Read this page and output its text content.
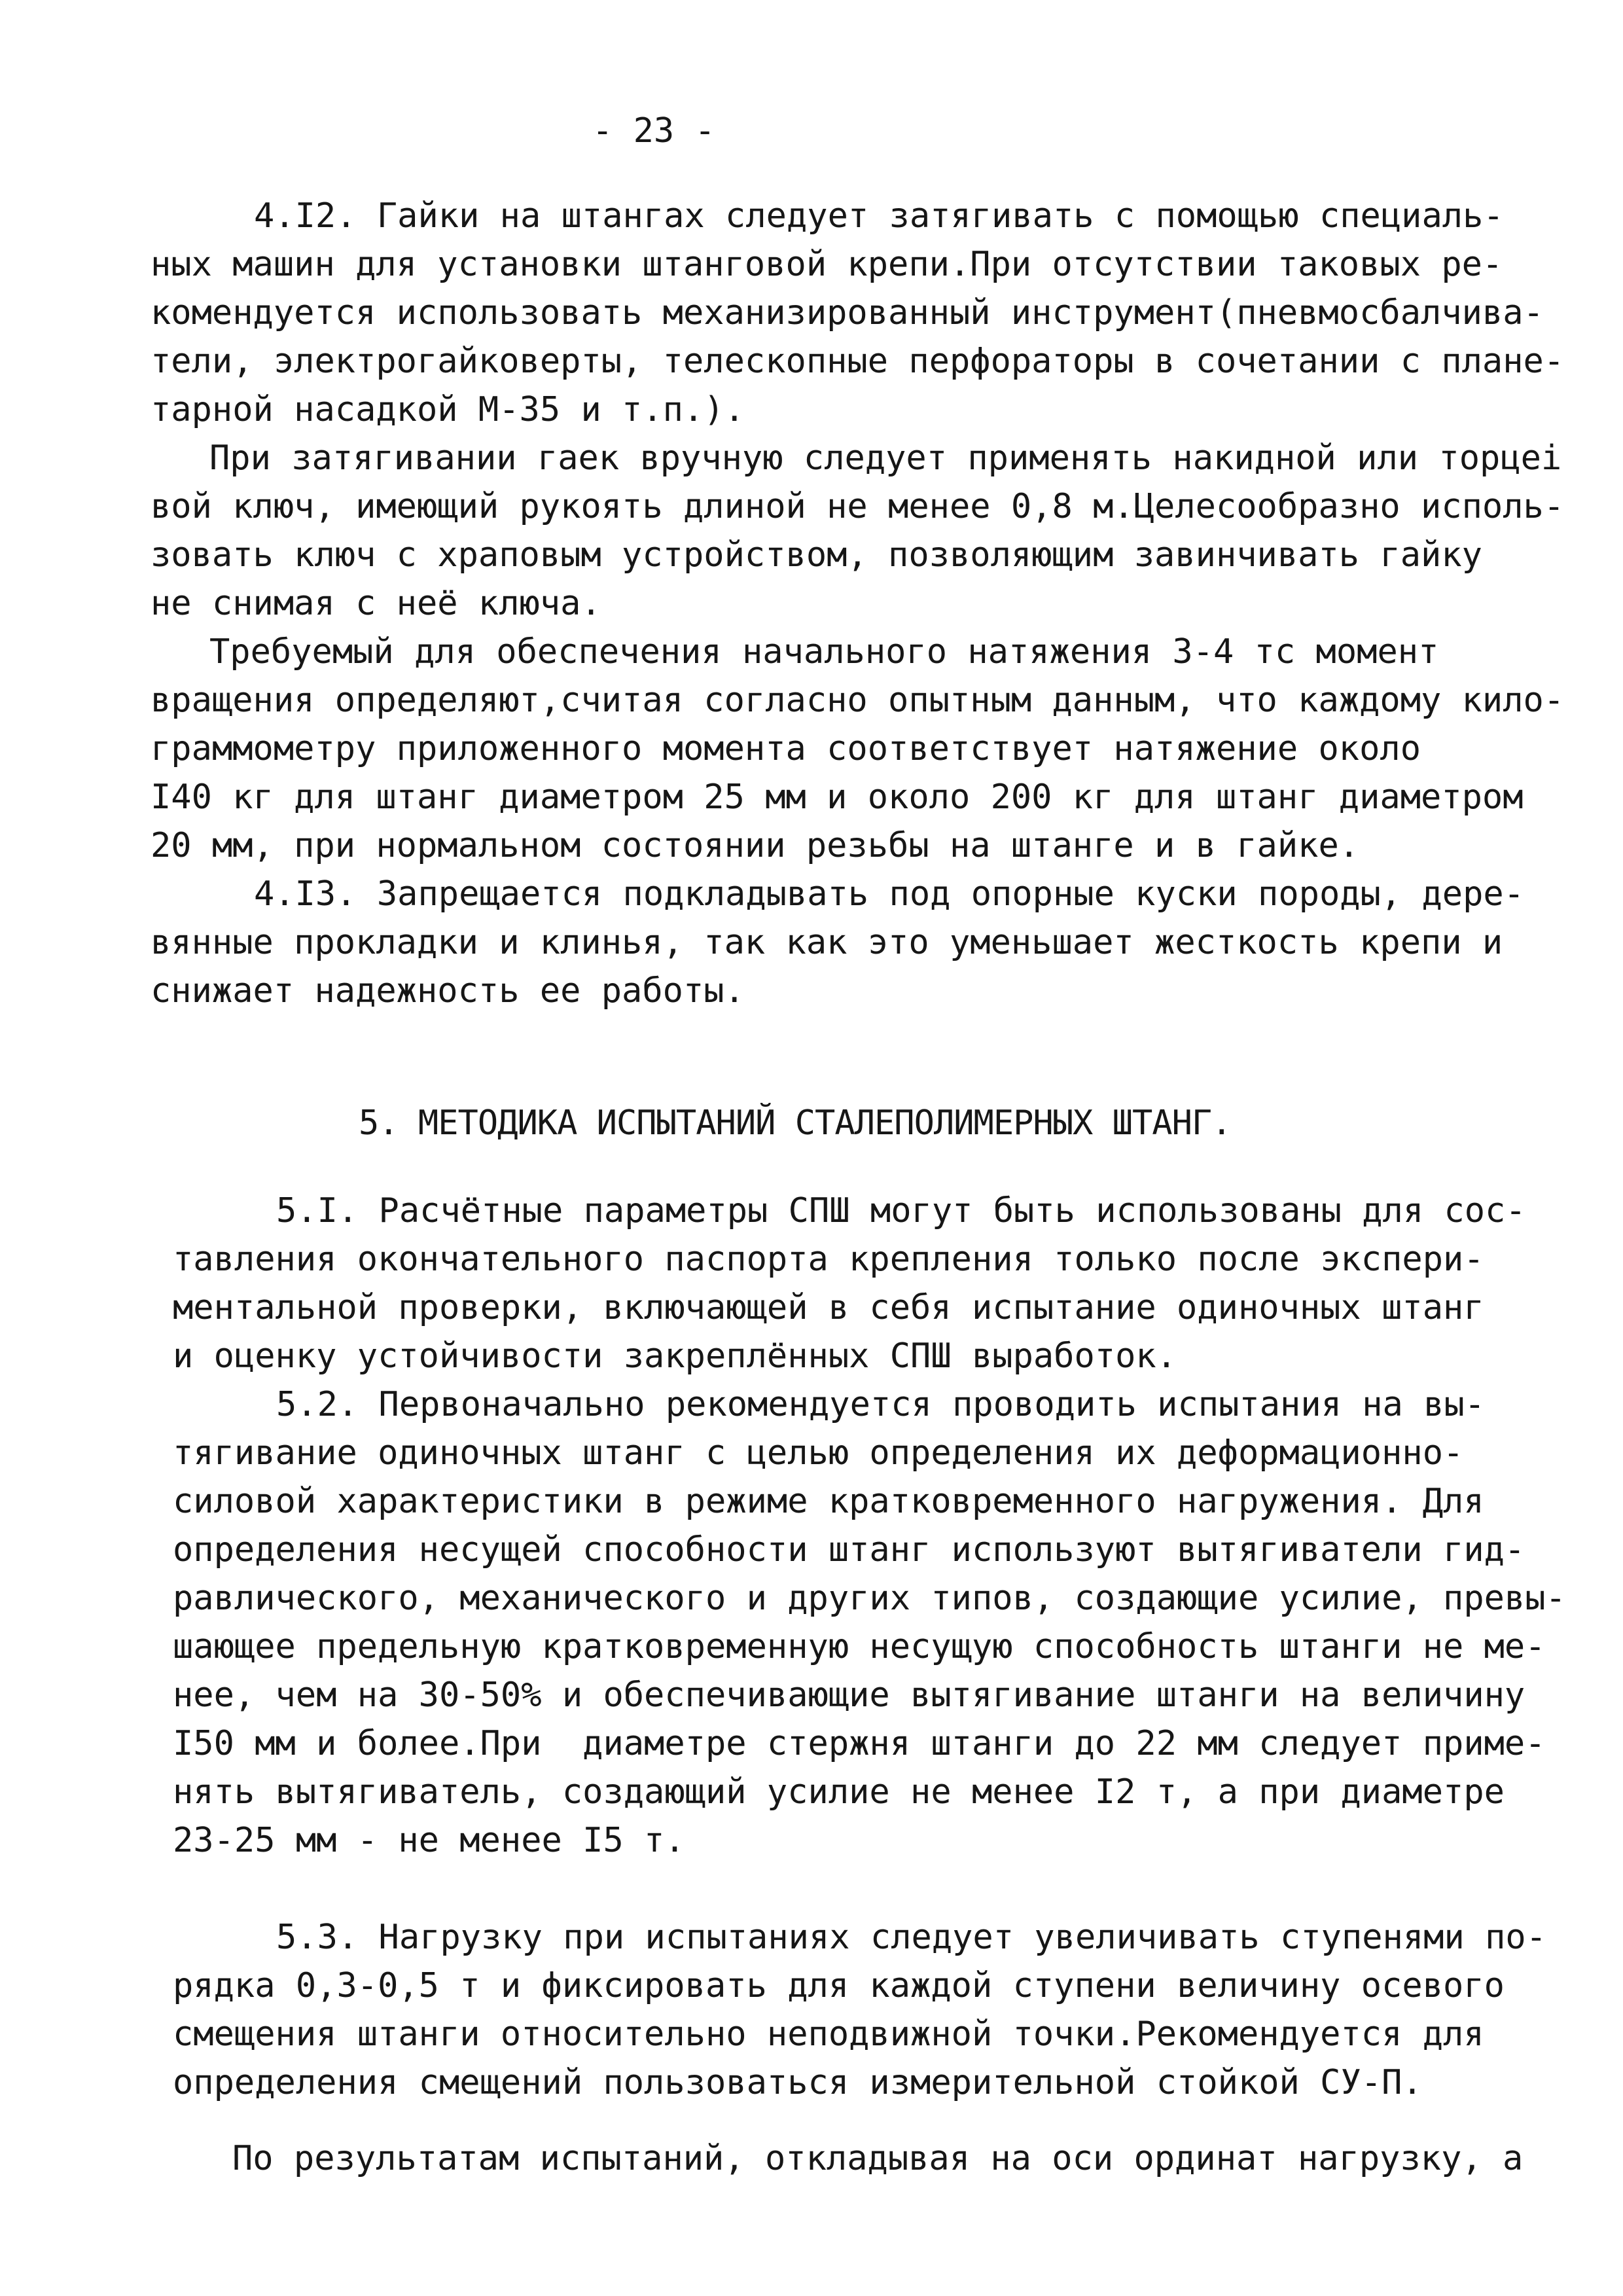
- 23 -
4.I2. Гайки на штангах следует затягивать с помощью специаль-
ных машин для установки штанговой крепи.При отсутствии таковых ре-
комендуется использовать механизированный инструмент(пневмосбалчива-
тели, электрогайковерты, телескопные перфораторы в сочетании с плане-
тарной насадкой М-35 и т.п.).
При затягивании гаек вручную следует применять накидной или торцеі
вой ключ, имеющий рукоять длиной не менее 0,8 м.Целесообразно исполь-
зовать ключ с храповым устройством, позволяющим завинчивать гайку
не снимая с неё ключа.
Требуемый для обеспечения начального натяжения 3-4 тс момент
вращения определяют,считая согласно опытным данным, что каждому кило-
граммометру приложенного момента соответствует натяжение около
I40 кг для штанг диаметром 25 мм и около 200 кг для штанг диаметром
20 мм, при нормальном состоянии резьбы на штанге и в гайке.
4.I3. Запрещается подкладывать под опорные куски породы, дере-
вянные прокладки и клинья, так как это уменьшает жесткость крепи и
снижает надежность ее работы.
5. МЕТОДИКА ИСПЫТАНИЙ СТАЛЕПОЛИМЕРНЫХ ШТАНГ.
5.I. Расчётные параметры СПШ могут быть использованы для сос-
тавления окончательного паспорта крепления только после экспери-
ментальной проверки, включающей в себя испытание одиночных штанг
и оценку устойчивости закреплённых СПШ выработок.
5.2. Первоначально рекомендуется проводить испытания на вы-
тягивание одиночных штанг с целью определения их деформационно-
силовой характеристики в режиме кратковременного нагружения. Для
определения несущей способности штанг используют вытягиватели гид-
равлического, механического и других типов, создающие усилие, превы-
шающее предельную кратковременную несущую способность штанги не ме-
нее, чем на 30-50% и обеспечивающие вытягивание штанги на величину
I50 мм и более.При  диаметре стержня штанги до 22 мм следует приме-
нять вытягиватель, создающий усилие не менее I2 т, а при диаметре
23-25 мм - не менее I5 т.
5.3. Нагрузку при испытаниях следует увеличивать ступенями по-
рядка 0,3-0,5 т и фиксировать для каждой ступени величину осевого
смещения штанги относительно неподвижной точки.Рекомендуется для
определения смещений пользоваться измерительной стойкой СУ-П.
По результатам испытаний, откладывая на оси ординат нагрузку, а
